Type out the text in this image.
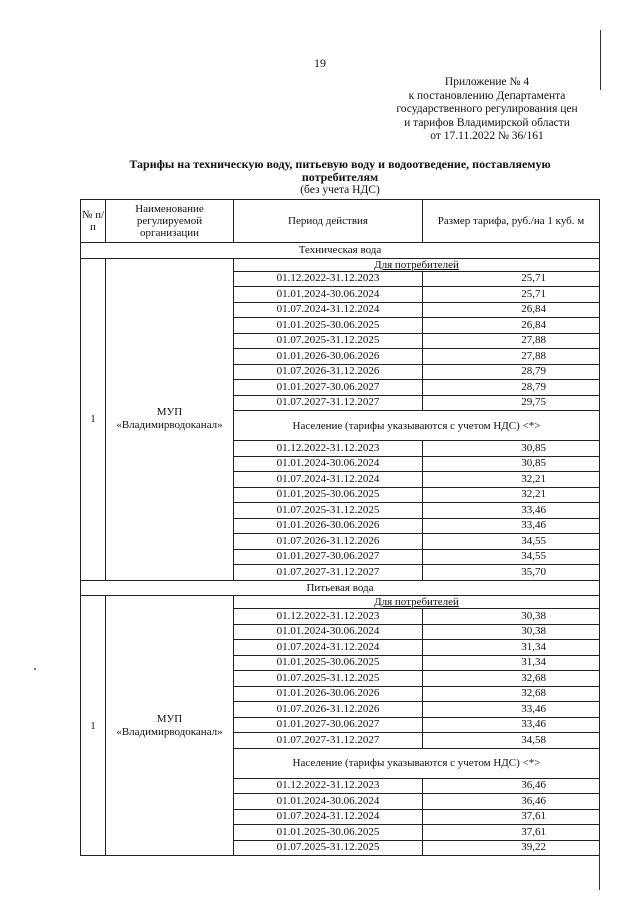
19
Приложение № 4
к постановлению Департамента
государственного регулирования цен
и тарифов Владимирской области
от 17.11.2022 № 36/161
Тарифы на техническую воду, питьевую воду и водоотведение, поставляемую потребителям
(без учета НДС)
№ п/п	Наименование регулируемой организации	Период действия	Размер тарифа, руб./на 1 куб. м
Техническая вода			
1	МУП
«Владимирводоканал»	Для потребителей	
		01.12.2022-31.12.2023	25,71
		01.01.2024-30.06.2024	25,71
		01.07.2024-31.12.2024	26,84
		01.01.2025-30.06.2025	26,84
		01.07.2025-31.12.2025	27,88
		01.01.2026-30.06.2026	27,88
		01.07.2026-31.12.2026	28,79
		01.01.2027-30.06.2027	28,79
		01.07.2027-31.12.2027	29,75
		Население (тарифы указываются с учетом НДС) <*>	
		01.12.2022-31.12.2023	30,85
		01.01.2024-30.06.2024	30,85
		01.07.2024-31.12.2024	32,21
		01.01.2025-30.06.2025	32,21
		01.07.2025-31.12.2025	33,46
		01.01.2026-30.06.2026	33,46
		01.07.2026-31.12.2026	34,55
		01.01.2027-30.06.2027	34,55
		01.07.2027-31.12.2027	35,70
Питьевая вода			
1	МУП
«Владимирводоканал»	Для потребителей	
		01.12.2022-31.12.2023	30,38
		01.01.2024-30.06.2024	30,38
		01.07.2024-31.12.2024	31,34
		01.01.2025-30.06.2025	31,34
		01.07.2025-31.12.2025	32,68
		01.01.2026-30.06.2026	32,68
		01.07.2026-31.12.2026	33,46
		01.01.2027-30.06.2027	33,46
		01.07.2027-31.12.2027	34,58
		Население (тарифы указываются с учетом НДС) <*>	
		01.12.2022-31.12.2023	36,46
		01.01.2024-30.06.2024	36,46
		01.07.2024-31.12.2024	37,61
		01.01.2025-30.06.2025	37,61
		01.07.2025-31.12.2025	39,22
